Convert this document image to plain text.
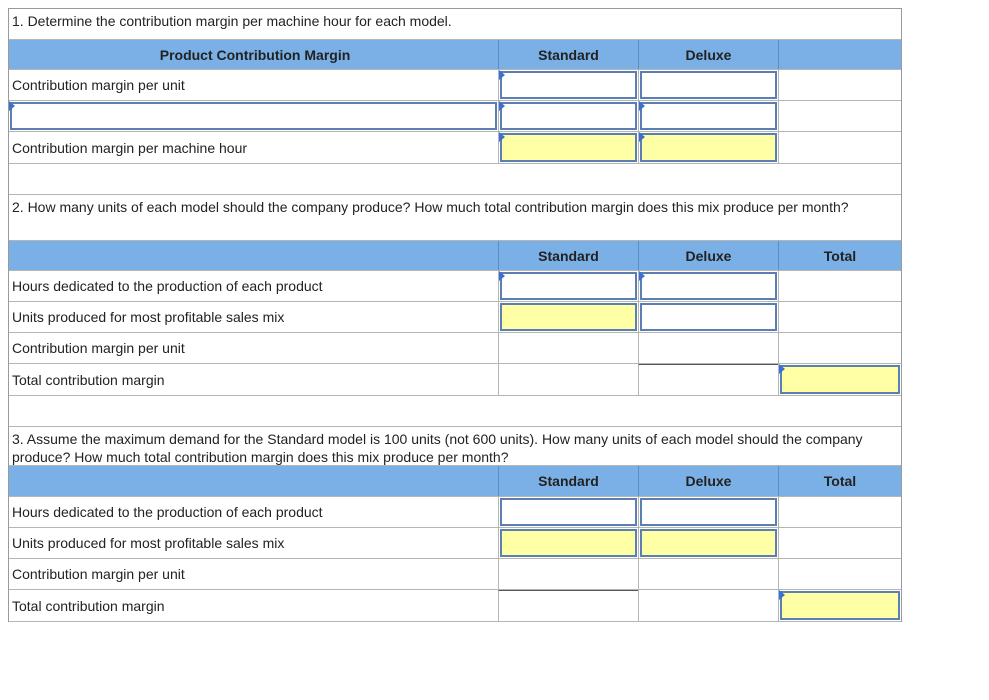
1. Determine the contribution margin per machine hour for each model.
Product Contribution Margin	Standard	Deluxe
Contribution margin per unit
Contribution margin per machine hour
2. How many units of each model should the company produce? How much total contribution margin does this mix produce per month?
Standard	Deluxe	Total
Hours dedicated to the production of each product
Units produced for most profitable sales mix
Contribution margin per unit
Total contribution margin
3. Assume the maximum demand for the Standard model is 100 units (not 600 units). How many units of each model should the company produce? How much total contribution margin does this mix produce per month?
Standard	Deluxe	Total
Hours dedicated to the production of each product
Units produced for most profitable sales mix
Contribution margin per unit
Total contribution margin
